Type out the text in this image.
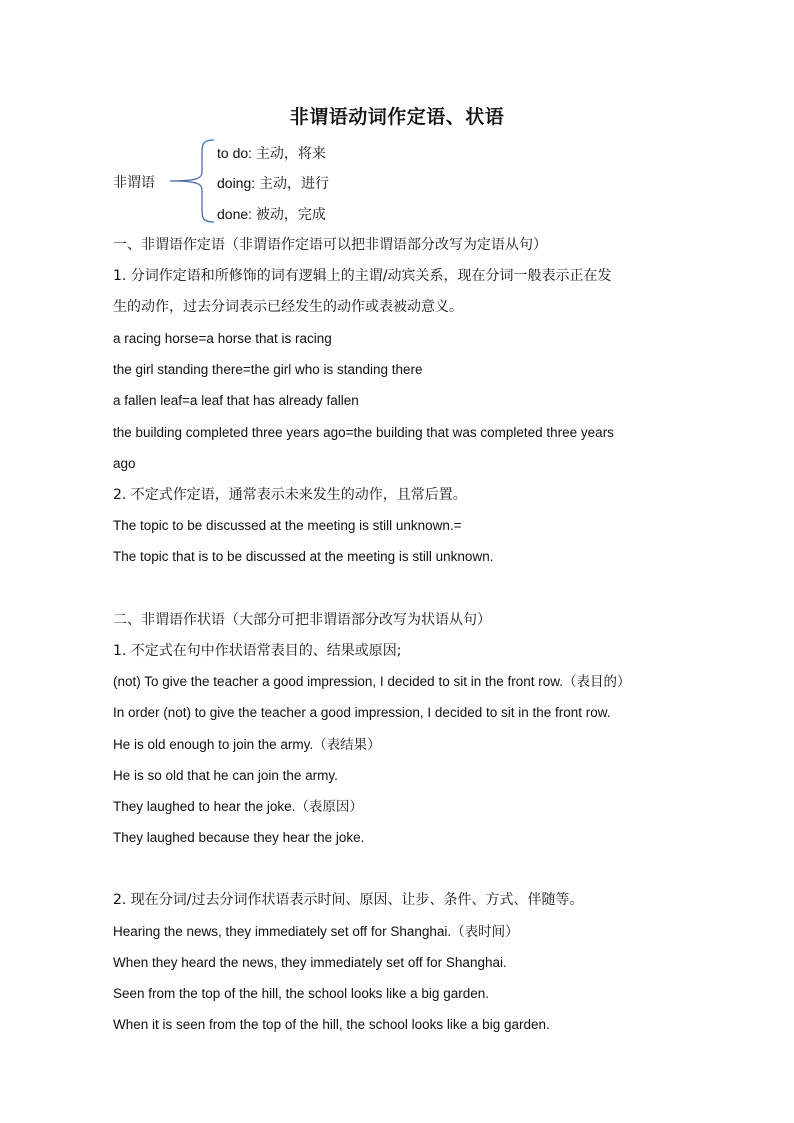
非谓语动词作定语、状语
非谓语
to do: 主动，将来
doing: 主动，进行
done: 被动，完成
一、非谓语作定语（非谓语作定语可以把非谓语部分改写为定语从句）
1. 分词作定语和所修饰的词有逻辑上的主谓/动宾关系，现在分词一般表示正在发
生的动作，过去分词表示已经发生的动作或表被动意义。
a racing horse=a horse that is racing
the girl standing there=the girl who is standing there
a fallen leaf=a leaf that has already fallen
the building completed three years ago=the building that was completed three years
ago
2. 不定式作定语，通常表示未来发生的动作，且常后置。
The topic to be discussed at the meeting is still unknown.=
The topic that is to be discussed at the meeting is still unknown.
二、非谓语作状语（大部分可把非谓语部分改写为状语从句）
1. 不定式在句中作状语常表目的、结果或原因;
(not) To give the teacher a good impression, I decided to sit in the front row.（表目的）
In order (not) to give the teacher a good impression, I decided to sit in the front row.
He is old enough to join the army.（表结果）
He is so old that he can join the army.
They laughed to hear the joke.（表原因）
They laughed because they hear the joke.
2. 现在分词/过去分词作状语表示时间、原因、让步、条件、方式、伴随等。
Hearing the news, they immediately set off for Shanghai.（表时间）
When they heard the news, they immediately set off for Shanghai.
Seen from the top of the hill, the school looks like a big garden.
When it is seen from the top of the hill, the school looks like a big garden.
